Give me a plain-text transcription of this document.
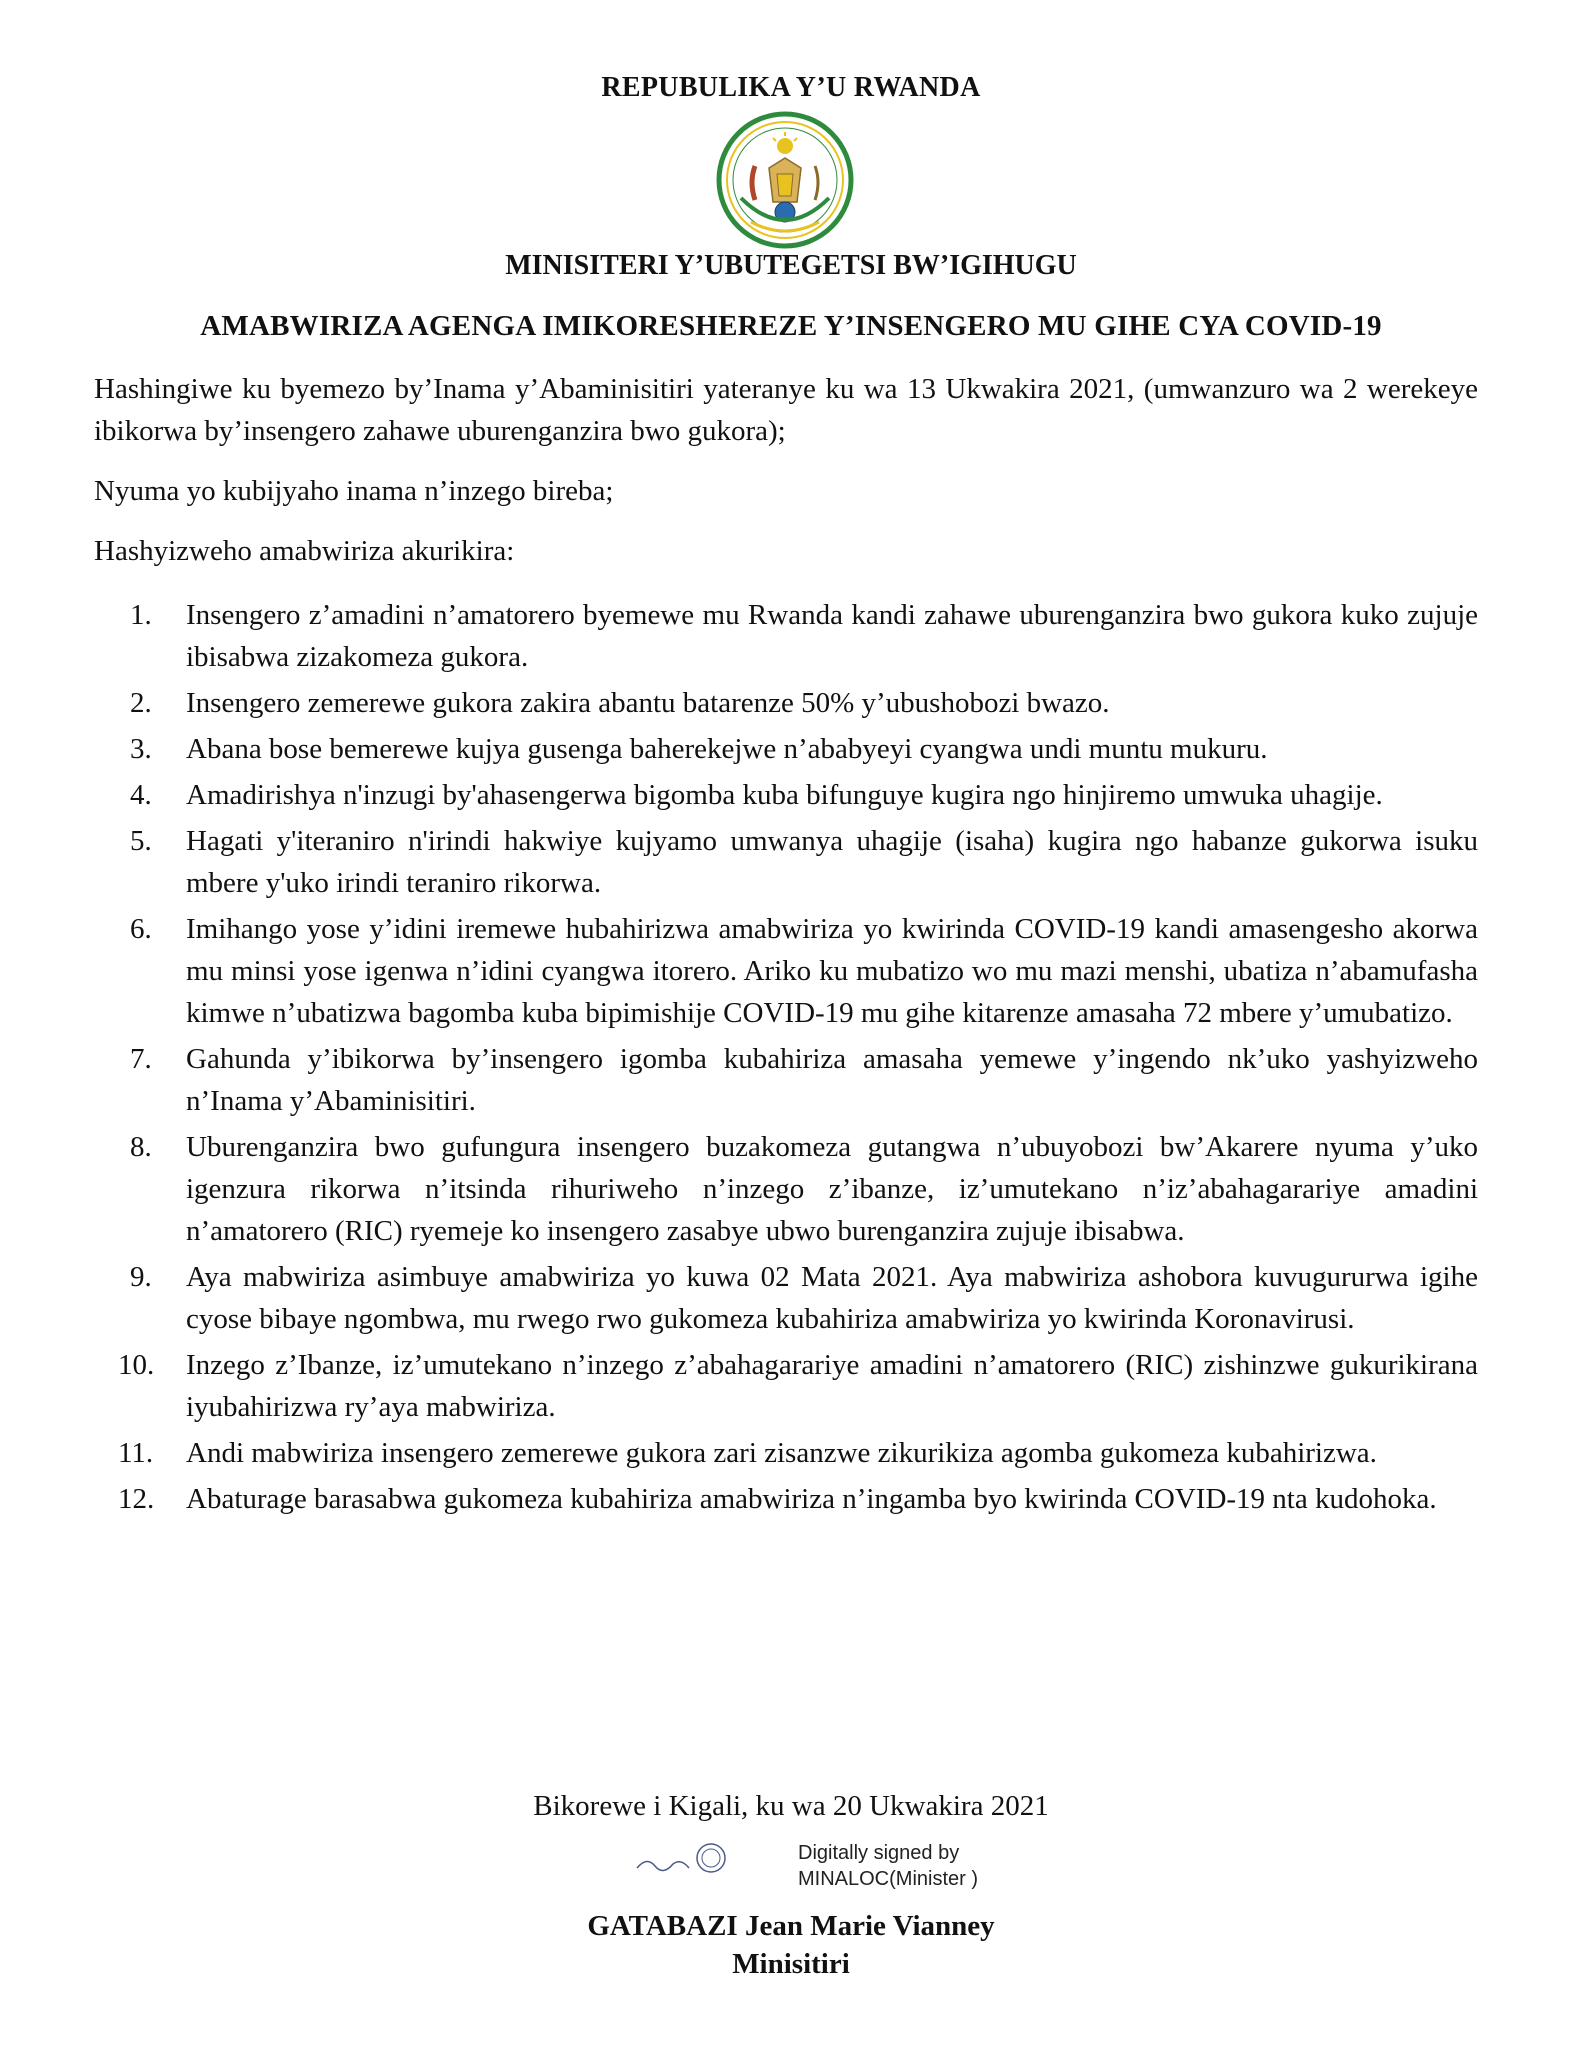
REPUBULIKA Y’U RWANDA
MINISITERI Y’UBUTEGETSI BW’IGIHUGU
AMABWIRIZA AGENGA IMIKORESHEREZE Y’INSENGERO MU GIHE CYA COVID-19

Hashingiwe ku byemezo by’Inama y’Abaminisitiri yateranye ku wa 13 Ukwakira 2021, (umwanzuro wa 2 werekeye ibikorwa by’insengero zahawe uburenganzira bwo gukora);

Nyuma yo kubijyaho inama n’inzego bireba;

Hashyizweho amabwiriza akurikira:

1. Insengero z’amadini n’amatorero byemewe mu Rwanda kandi zahawe uburenganzira bwo gukora kuko zujuje ibisabwa zizakomeza gukora.
2. Insengero zemerewe gukora zakira abantu batarenze 50% y’ubushobozi bwazo.
3. Abana bose bemerewe kujya gusenga baherekejwe n’ababyeyi cyangwa undi muntu mukuru.
4. Amadirishya n'inzugi by'ahasengerwa bigomba kuba bifunguye kugira ngo hinjiremo umwuka uhagije.
5. Hagati y'iteraniro n'irindi hakwiye kujyamo umwanya uhagije (isaha) kugira ngo habanze gukorwa isuku mbere y'uko irindi teraniro rikorwa.
6. Imihango yose y’idini iremewe hubahirizwa amabwiriza yo kwirinda COVID-19 kandi amasengesho akorwa mu minsi yose igenwa n’idini cyangwa itorero. Ariko ku mubatizo wo mu mazi menshi, ubatiza n’abamufasha kimwe n’ubatizwa bagomba kuba bipimishije COVID-19 mu gihe kitarenze amasaha 72 mbere y’umubatizo.
7. Gahunda y’ibikorwa by’insengero igomba kubahiriza amasaha yemewe y’ingendo nk’uko yashyizweho n’Inama y’Abaminisitiri.
8. Uburenganzira bwo gufungura insengero buzakomeza gutangwa n’ubuyobozi bw’Akarere nyuma y’uko igenzura rikorwa n’itsinda rihuriweho n’inzego z’ibanze, iz’umutekano n’iz’abahagarariye amadini n’amatorero (RIC) ryemeje ko insengero zasabye ubwo burenganzira zujuje ibisabwa.
9. Aya mabwiriza asimbuye amabwiriza yo kuwa 02 Mata 2021. Aya mabwiriza ashobora kuvugururwa igihe cyose bibaye ngombwa, mu rwego rwo gukomeza kubahiriza amabwiriza yo kwirinda Koronavirusi.
10. Inzego z’Ibanze, iz’umutekano n’inzego z’abahagarariye amadini n’amatorero (RIC) zishinzwe gukurikirana iyubahirizwa ry’aya mabwiriza.
11. Andi mabwiriza insengero zemerewe gukora zari zisanzwe zikurikiza agomba gukomeza kubahirizwa.
12. Abaturage barasabwa gukomeza kubahiriza amabwiriza n’ingamba byo kwirinda COVID-19 nta kudohoka.
Bikorewe i Kigali, ku wa 20 Ukwakira 2021
Digitally signed by
MINALOC(Minister )
GATABAZI Jean Marie Vianney
Minisitiri
